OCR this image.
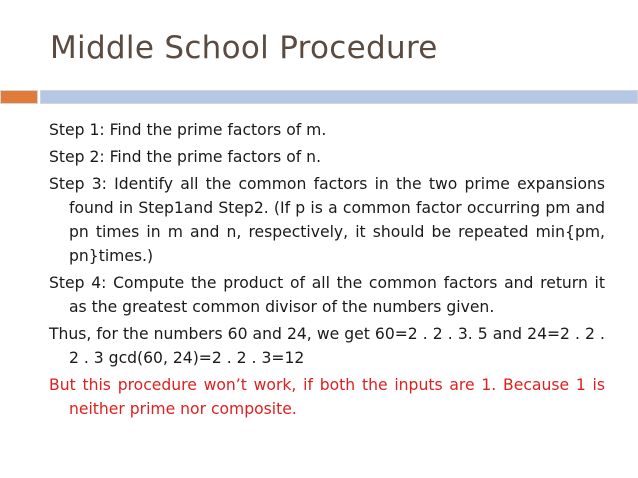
Middle School Procedure

Step 1: Find the prime factors of m.

Step 2: Find the prime factors of n.

Step 3: Identify all the common factors in the two prime expansions found in Step1and Step2. (If p is a common factor occurring pm and pn times in m and n, respectively, it should be repeated min{pm, pn}times.)

Step 4: Compute the product of all the common factors and return it as the greatest common divisor of the numbers given.

Thus, for the numbers 60 and 24, we get 60=2 . 2 . 3. 5 and 24=2 . 2 . 2 . 3 gcd(60, 24)=2 . 2 . 3=12

But this procedure won’t work, if both the inputs are 1. Because 1 is neither prime nor composite.
